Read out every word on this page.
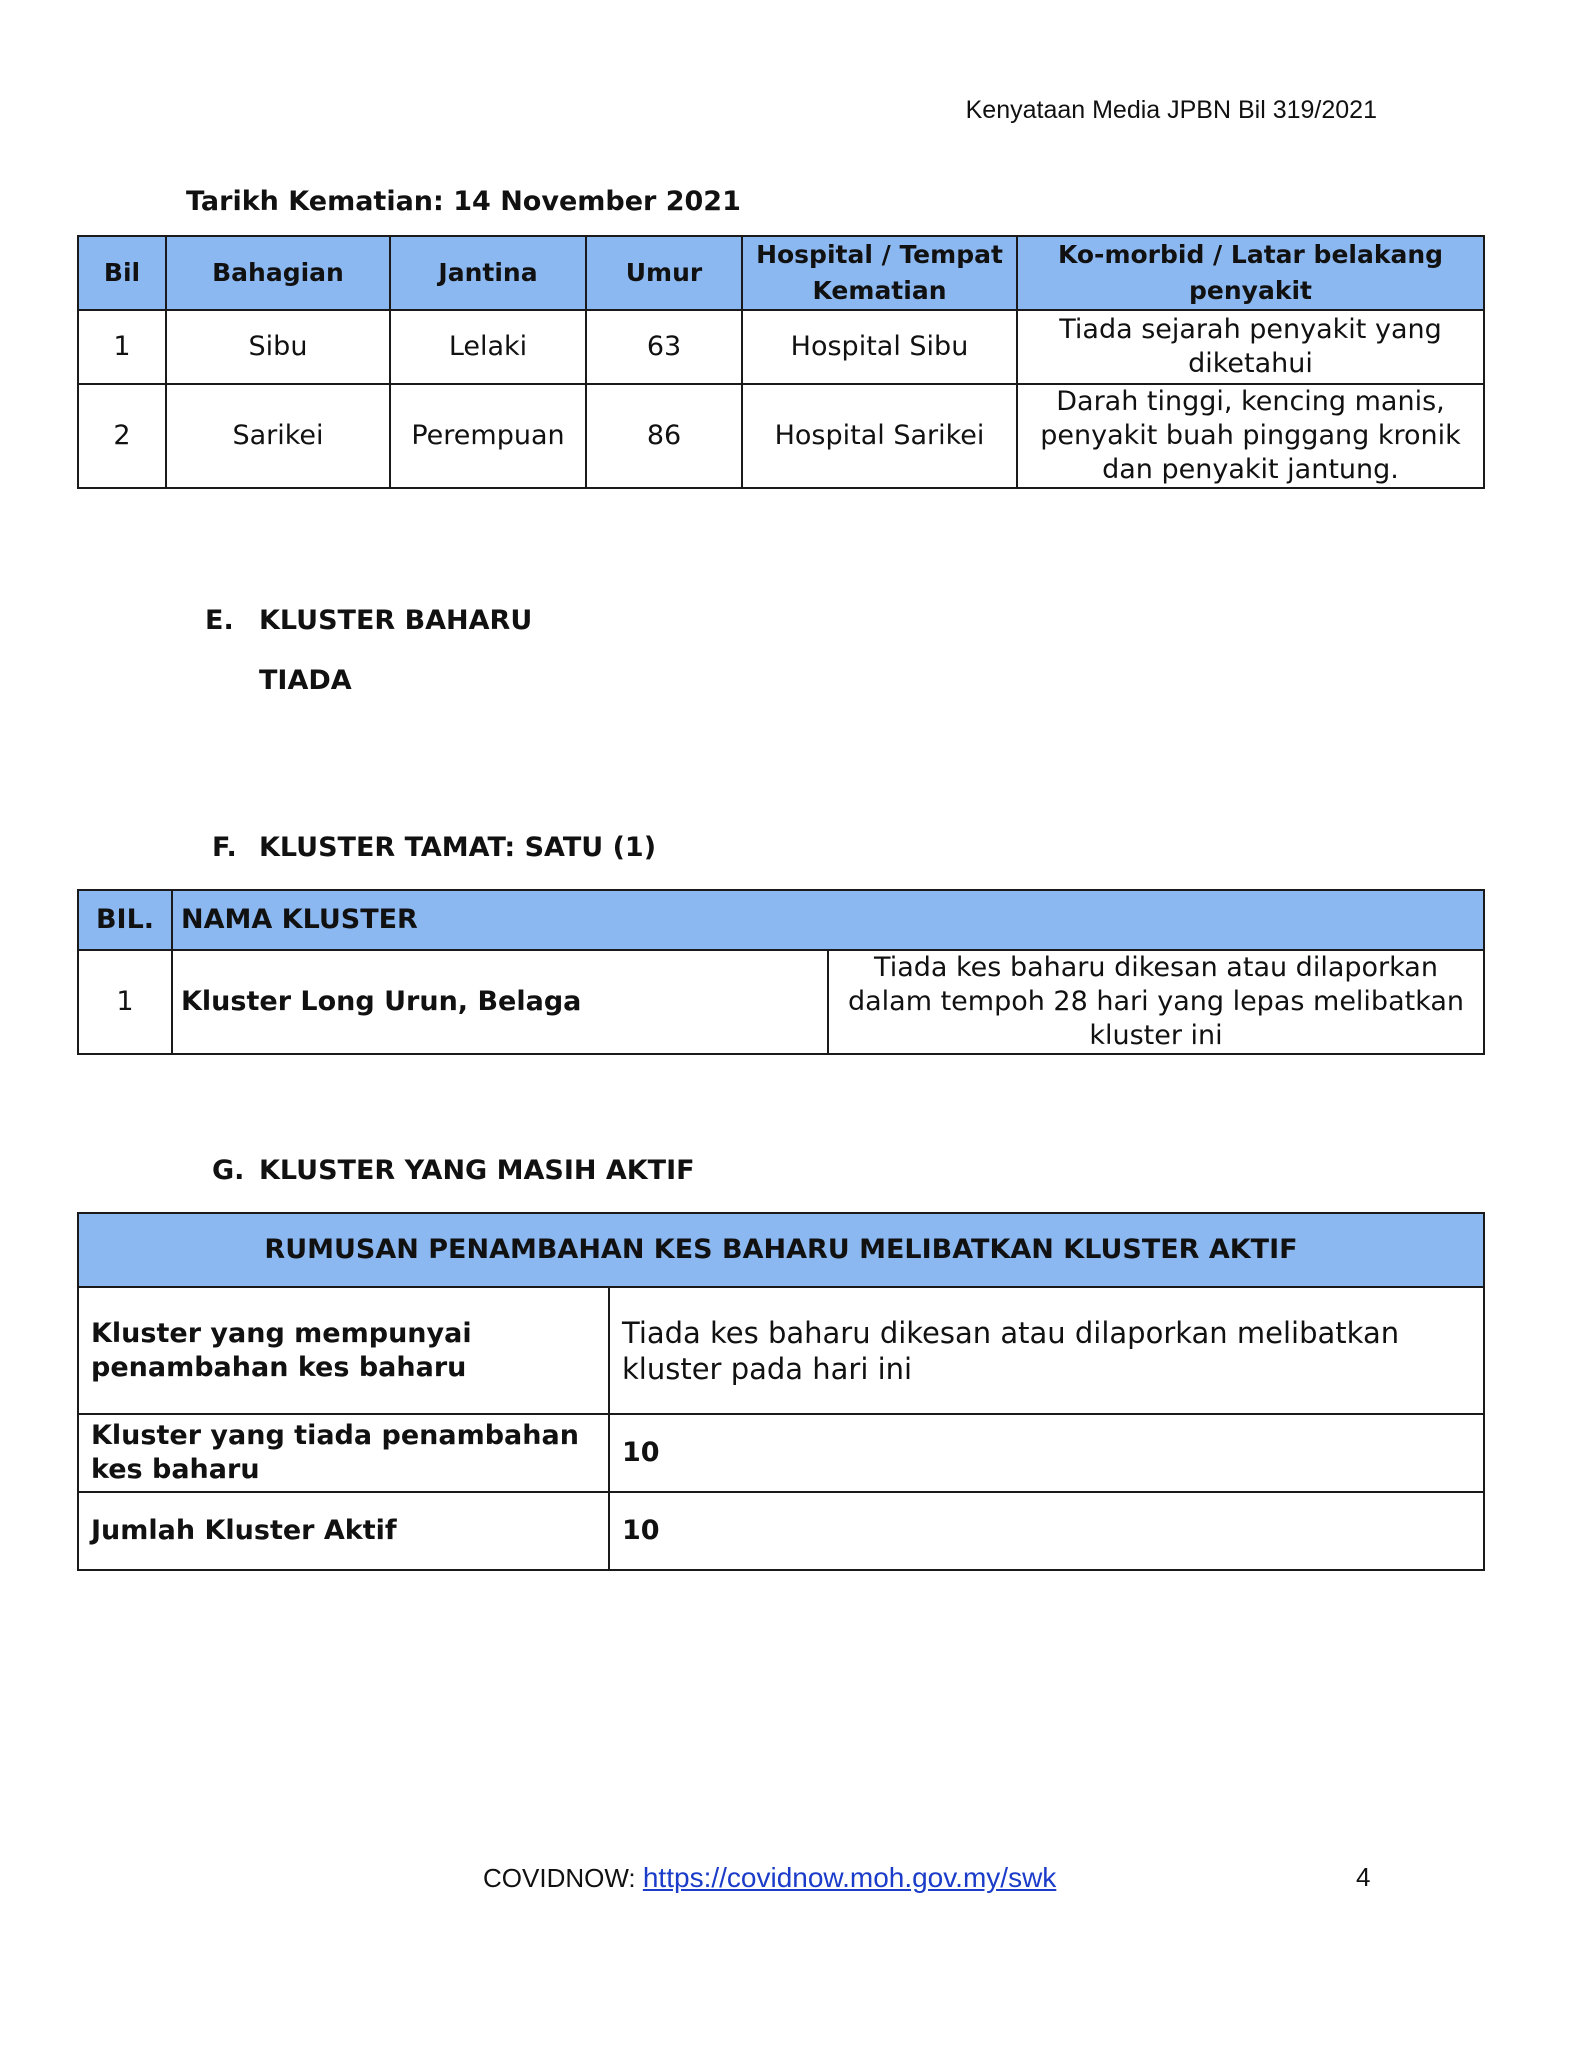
Kenyataan Media JPBN Bil 319/2021
Tarikh Kematian: 14 November 2021
Bil	Bahagian	Jantina	Umur	Hospital / Tempat Kematian	Ko-morbid / Latar belakang penyakit
1	Sibu	Lelaki	63	Hospital Sibu	Tiada sejarah penyakit yang diketahui
2	Sarikei	Perempuan	86	Hospital Sarikei	Darah tinggi, kencing manis, penyakit buah pinggang kronik dan penyakit jantung.
E. KLUSTER BAHARU
TIADA
F. KLUSTER TAMAT: SATU (1)
BIL.	NAMA KLUSTER	
1	Kluster Long Urun, Belaga	Tiada kes baharu dikesan atau dilaporkan dalam tempoh 28 hari yang lepas melibatkan kluster ini
G. KLUSTER YANG MASIH AKTIF
RUMUSAN PENAMBAHAN KES BAHARU MELIBATKAN KLUSTER AKTIF	
Kluster yang mempunyai penambahan kes baharu	Tiada kes baharu dikesan atau dilaporkan melibatkan kluster pada hari ini
Kluster yang tiada penambahan kes baharu	10
Jumlah Kluster Aktif	10
COVIDNOW: https://covidnow.moh.gov.my/swk	4
